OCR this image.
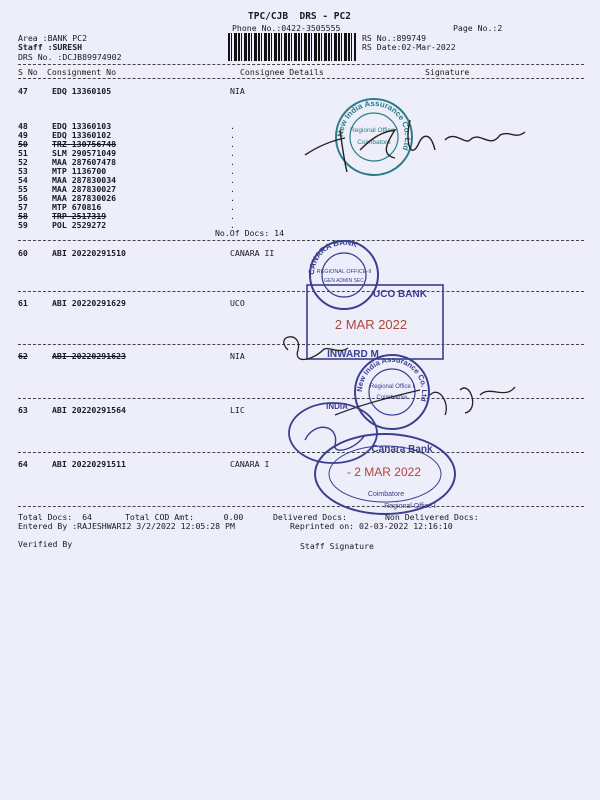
TPC/CJB  DRS - PC2
Phone No.:0422-3505555	Page No.:2
Area :BANK PC2
Staff :SURESH
DRS No. :DCJB89974902
RS No.:899749
RS Date:02-Mar-2022
S No Consignment No	Consignee Details	Signature
47	EDQ 13360105	NIA
48	EDQ 13360103	.
49	EDQ 13360102	.
50	TRZ 130756748	.
51	SLM 290571049	.
52	MAA 287607478	.
53	MTP 1136700	.
54	MAA 287830034	.
55	MAA 287830027	.
56	MAA 287830026	.
57	MTP 670816	.
58	TRP 2517319	.
59	POL 2529272	.
No.Of Docs: 14
60	ABI 20220291510	CANARA II
61	ABI 20220291629	UCO
62	ABI 20220291623	NIA
63	ABI 20220291564	LIC
64	ABI 20220291511	CANARA I
Total Docs:  64	Total COD Amt:      0.00	Delivered Docs:	Non Delivered Docs:
Entered By :RAJESHWARI2 3/2/2022 12:05:28 PM	Reprinted on: 02-03-2022 12:16:10
Verified By	Staff Signature
New India Assurance Co. Ltd
Regional Office I
Coimbatore
CANARA BANK
REGIONAL OFFICE-II
GEN ADMIN SEC
UCO BANK
2 MAR 2022
INWARD M
New India Assurance Co. Ltd
Regional Office I
Coimbatore
INDIA
Canara Bank
- 2 MAR 2022
Coimbatore
Regional Office I
